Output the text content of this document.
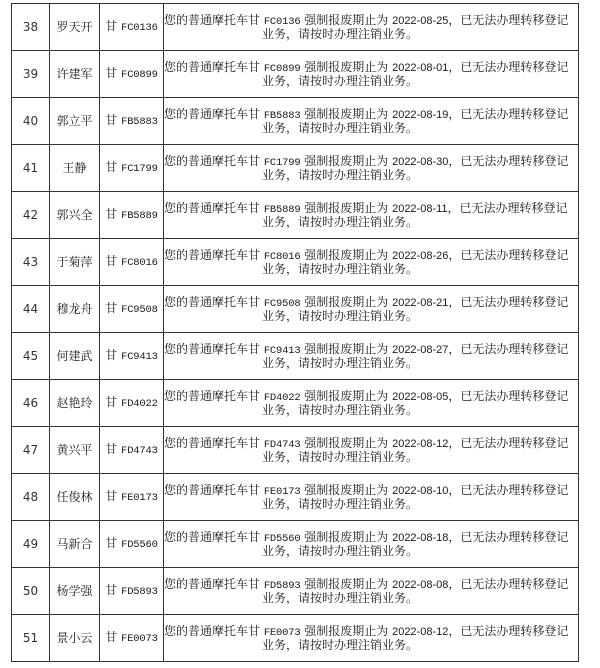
38	罗天开	甘 FC0136	您的普通摩托车甘 FC0136 强制报废期止为 2022-08-25，已无法办理转移登记
业务，请按时办理注销业务。

39	许建军	甘 FC0899	您的普通摩托车甘 FC0899 强制报废期止为 2022-08-01，已无法办理转移登记
业务，请按时办理注销业务。

40	郭立平	甘 FB5883	您的普通摩托车甘 FB5883 强制报废期止为 2022-08-19，已无法办理转移登记
业务，请按时办理注销业务。

41	王静	甘 FC1799	您的普通摩托车甘 FC1799 强制报废期止为 2022-08-30，已无法办理转移登记
业务，请按时办理注销业务。

42	郭兴全	甘 FB5889	您的普通摩托车甘 FB5889 强制报废期止为 2022-08-11，已无法办理转移登记
业务，请按时办理注销业务。

43	于菊萍	甘 FC8016	您的普通摩托车甘 FC8016 强制报废期止为 2022-08-26，已无法办理转移登记
业务，请按时办理注销业务。

44	穆龙舟	甘 FC9508	您的普通摩托车甘 FC9508 强制报废期止为 2022-08-21，已无法办理转移登记
业务，请按时办理注销业务。

45	何建武	甘 FC9413	您的普通摩托车甘 FC9413 强制报废期止为 2022-08-27，已无法办理转移登记
业务，请按时办理注销业务。

46	赵艳玲	甘 FD4022	您的普通摩托车甘 FD4022 强制报废期止为 2022-08-05，已无法办理转移登记
业务，请按时办理注销业务。

47	黄兴平	甘 FD4743	您的普通摩托车甘 FD4743 强制报废期止为 2022-08-12，已无法办理转移登记
业务，请按时办理注销业务。

48	任俊林	甘 FE0173	您的普通摩托车甘 FE0173 强制报废期止为 2022-08-10，已无法办理转移登记
业务，请按时办理注销业务。

49	马新合	甘 FD5560	您的普通摩托车甘 FD5560 强制报废期止为 2022-08-18，已无法办理转移登记
业务，请按时办理注销业务。

50	杨学强	甘 FD5893	您的普通摩托车甘 FD5893 强制报废期止为 2022-08-08，已无法办理转移登记
业务，请按时办理注销业务。

51	景小云	甘 FE0073	您的普通摩托车甘 FE0073 强制报废期止为 2022-08-12，已无法办理转移登记
业务，请按时办理注销业务。
